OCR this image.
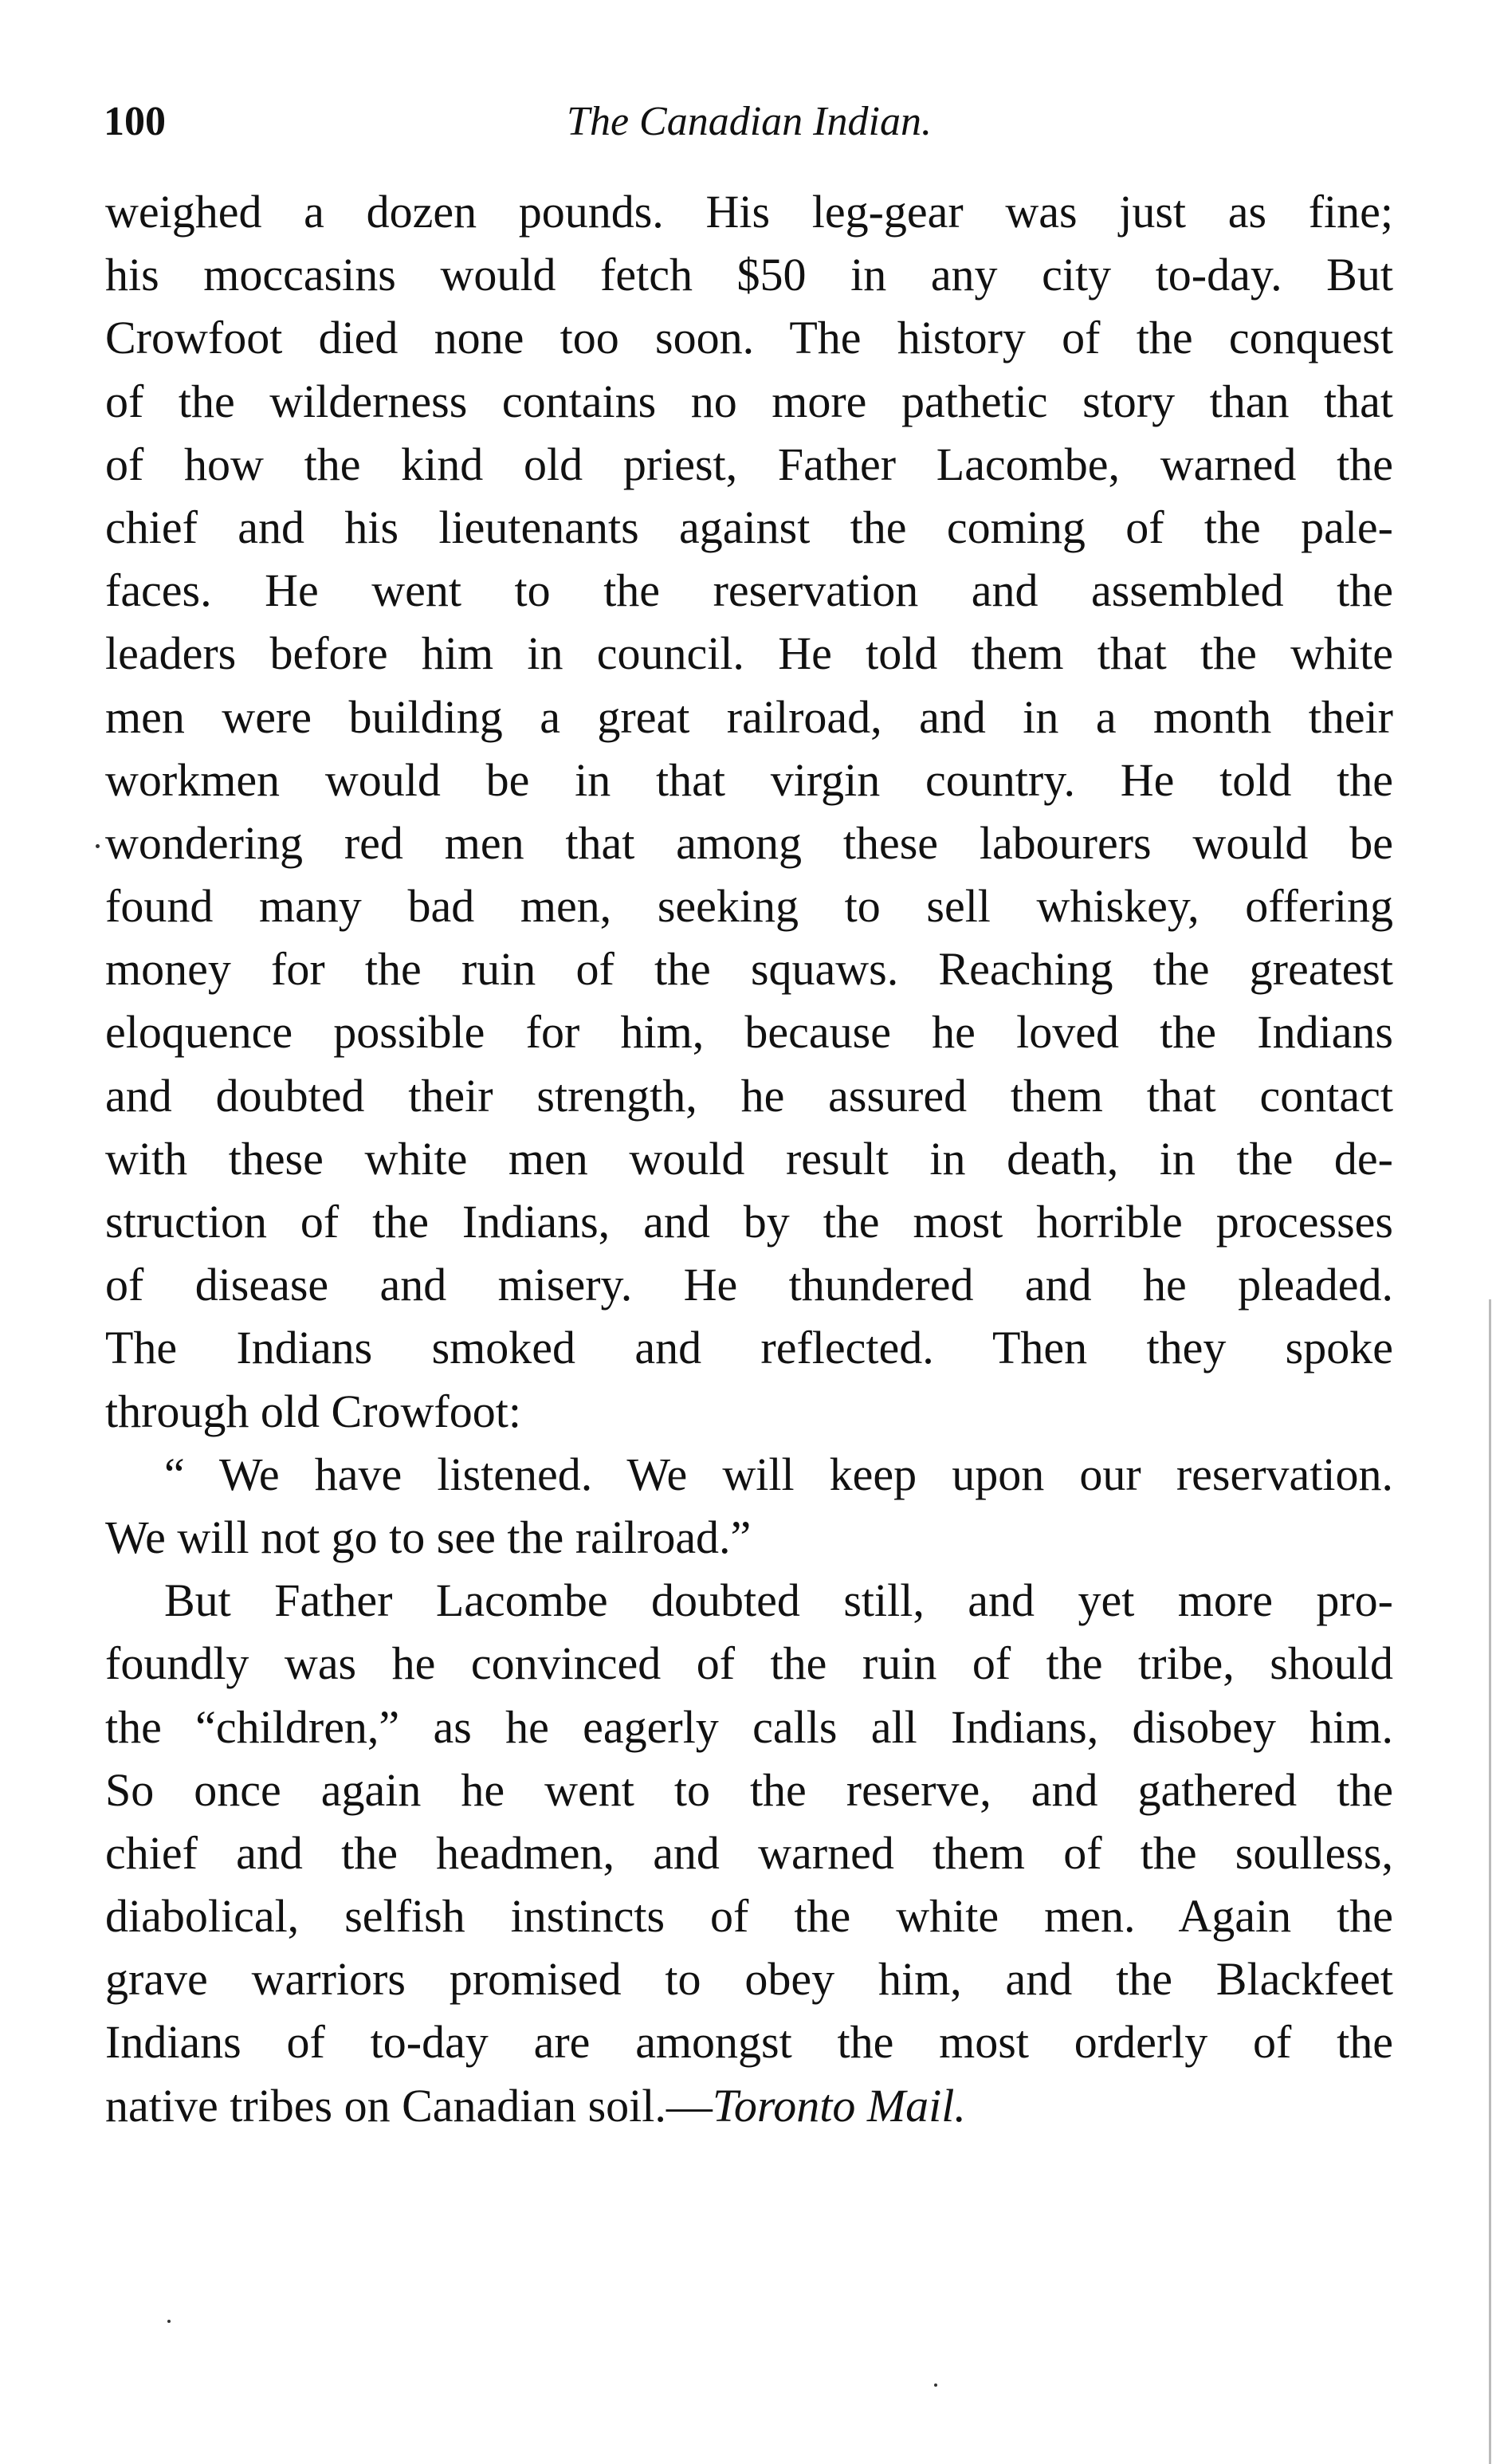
100	The Canadian Indian.
weighed a dozen pounds. His leg-gear was just as fine;
his moccasins would fetch $50 in any city to-day. But
Crowfoot died none too soon. The history of the conquest
of the wilderness contains no more pathetic story than that
of how the kind old priest, Father Lacombe, warned the
chief and his lieutenants against the coming of the pale-
faces. He went to the reservation and assembled the
leaders before him in council. He told them that the white
men were building a great railroad, and in a month their
workmen would be in that virgin country. He told the
wondering red men that among these labourers would be
found many bad men, seeking to sell whiskey, offering
money for the ruin of the squaws. Reaching the greatest
eloquence possible for him, because he loved the Indians
and doubted their strength, he assured them that contact
with these white men would result in death, in the de-
struction of the Indians, and by the most horrible processes
of disease and misery. He thundered and he pleaded.
The Indians smoked and reflected. Then they spoke
through old Crowfoot:
“ We have listened. We will keep upon our reservation.
We will not go to see the railroad.”
But Father Lacombe doubted still, and yet more pro-
foundly was he convinced of the ruin of the tribe, should
the “children,” as he eagerly calls all Indians, disobey him.
So once again he went to the reserve, and gathered the
chief and the headmen, and warned them of the soulless,
diabolical, selfish instincts of the white men. Again the
grave warriors promised to obey him, and the Blackfeet
Indians of to-day are amongst the most orderly of the
native tribes on Canadian soil.—Toronto Mail.
